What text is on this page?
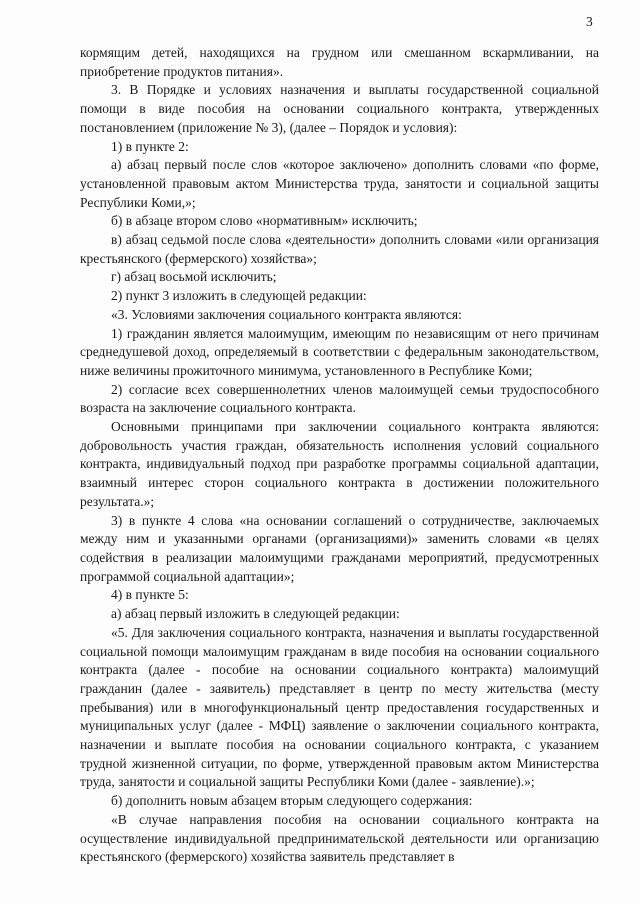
3

кормящим детей, находящихся на грудном или смешанном вскармливании, на приобретение продуктов питания».

3. В Порядке и условиях назначения и выплаты государственной социальной помощи в виде пособия на основании социального контракта, утвержденных постановлением (приложение № 3), (далее – Порядок и условия):

1) в пункте 2:

а) абзац первый после слов «которое заключено» дополнить словами «по форме, установленной правовым актом Министерства труда, занятости и социальной защиты Республики Коми,»;

б) в абзаце втором слово «нормативным» исключить;

в) абзац седьмой после слова «деятельности» дополнить словами «или организация крестьянского (фермерского) хозяйства»;

г) абзац восьмой исключить;

2) пункт 3 изложить в следующей редакции:

«3. Условиями заключения социального контракта являются:

1) гражданин является малоимущим, имеющим по независящим от него причинам среднедушевой доход, определяемый в соответствии с федеральным законодательством, ниже величины прожиточного минимума, установленного в Республике Коми;

2) согласие всех совершеннолетних членов малоимущей семьи трудоспособного возраста на заключение социального контракта.

Основными принципами при заключении социального контракта являются: добровольность участия граждан, обязательность исполнения условий социального контракта, индивидуальный подход при разработке программы социальной адаптации, взаимный интерес сторон социального контракта в достижении положительного результата.»;

3) в пункте 4 слова «на основании соглашений о сотрудничестве, заключаемых между ним и указанными органами (организациями)» заменить словами «в целях содействия в реализации малоимущими гражданами мероприятий, предусмотренных программой социальной адаптации»;

4) в пункте 5:

а) абзац первый изложить в следующей редакции:

«5. Для заключения социального контракта, назначения и выплаты государственной социальной помощи малоимущим гражданам в виде пособия на основании социального контракта (далее - пособие на основании социального контракта) малоимущий гражданин (далее - заявитель) представляет в центр по месту жительства (месту пребывания) или в многофункциональный центр предоставления государственных и муниципальных услуг (далее - МФЦ) заявление о заключении социального контракта, назначении и выплате пособия на основании социального контракта, с указанием трудной жизненной ситуации, по форме, утвержденной правовым актом Министерства труда, занятости и социальной защиты Республики Коми (далее - заявление).»;

б) дополнить новым абзацем вторым следующего содержания:

«В случае направления пособия на основании социального контракта на осуществление индивидуальной предпринимательской деятельности или организацию крестьянского (фермерского) хозяйства заявитель представляет в
